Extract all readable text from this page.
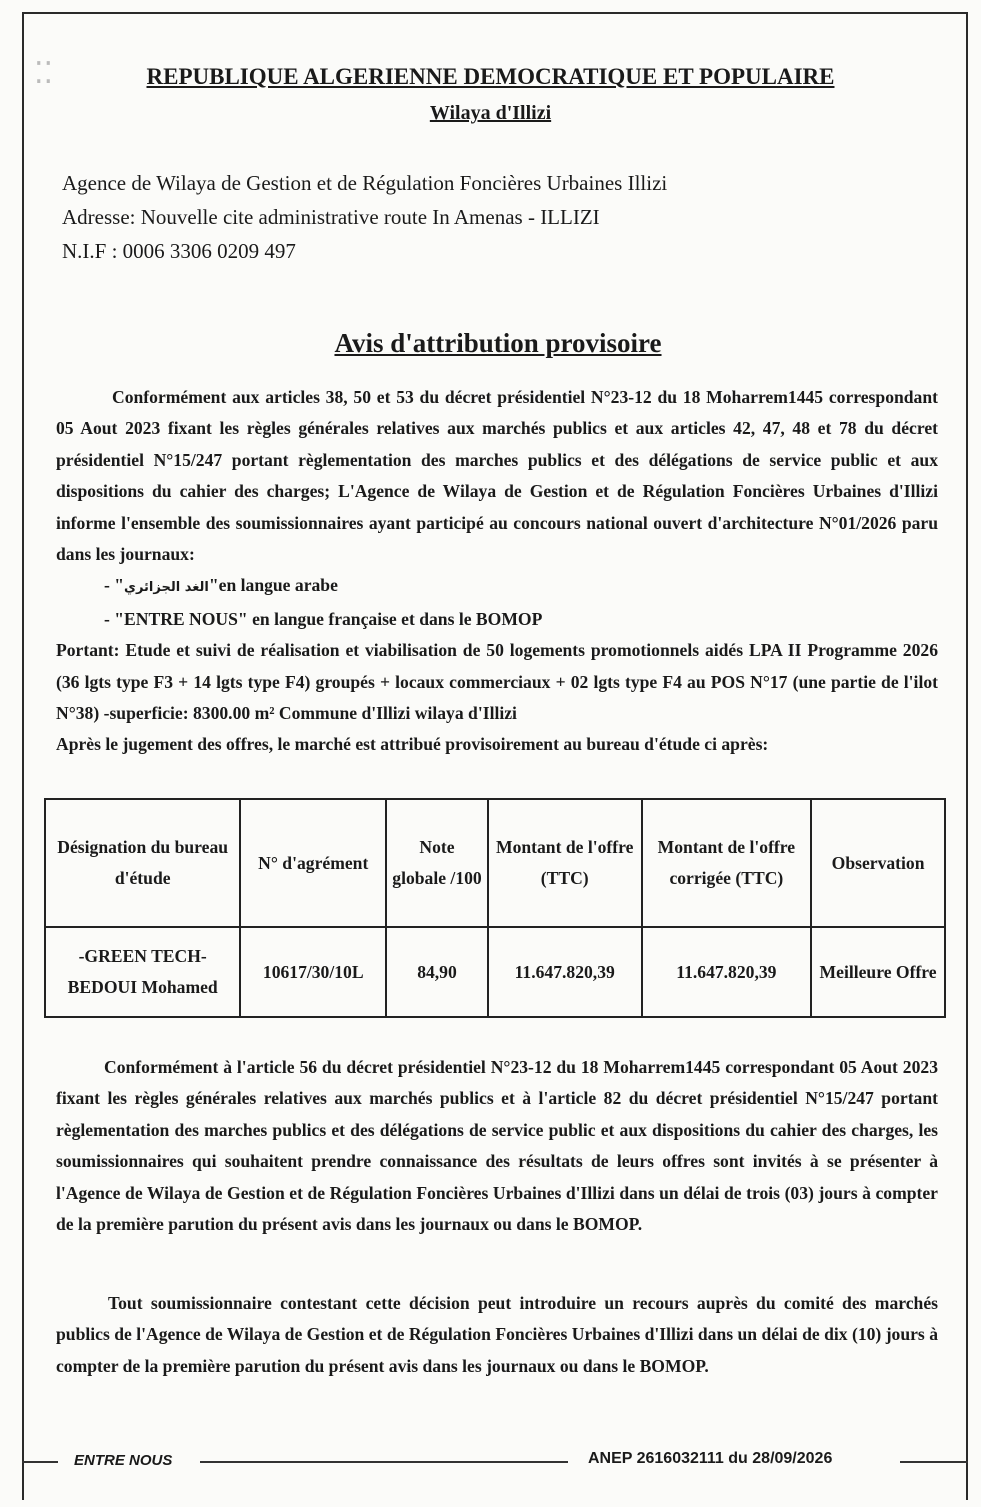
⁚⁚	REPUBLIQUE ALGERIENNE DEMOCRATIQUE ET POPULAIRE
Wilaya d'Illizi
Agence de Wilaya de Gestion et de Régulation Foncières Urbaines Illizi
Adresse: Nouvelle cite administrative route In Amenas - ILLIZI
N.I.F : 0006 3306 0209 497
Avis d'attribution provisoire
Conformément aux articles 38, 50 et 53 du décret présidentiel N°23-12 du 18 Moharrem1445 correspondant 05 Aout 2023 fixant les règles générales relatives aux marchés publics et aux articles 42, 47, 48 et 78 du décret présidentiel N°15/247 portant règlementation des marches publics et des délégations de service public et aux dispositions du cahier des charges; L'Agence de Wilaya de Gestion et de Régulation Foncières Urbaines d'Illizi informe l'ensemble des soumissionnaires ayant participé au concours national ouvert d'architecture N°01/2026 paru dans les journaux:
- "الغد الجزائري"en langue arabe
- "ENTRE NOUS" en langue française et dans le BOMOP
Portant: Etude et suivi de réalisation et viabilisation de 50 logements promotionnels aidés LPA II Programme 2026 (36 lgts type F3 + 14 lgts type F4) groupés + locaux commerciaux + 02 lgts type F4 au POS N°17 (une partie de l'ilot N°38) -superficie: 8300.00 m² Commune d'Illizi wilaya d'Illizi
Après le jugement des offres, le marché est attribué provisoirement au bureau d'étude ci après:
Désignation du bureau d'étude	N° d'agrément	Note globale /100	Montant de l'offre (TTC)	Montant de l'offre corrigée (TTC)	Observation
-GREEN TECH- BEDOUI Mohamed	10617/30/10L	84,90	11.647.820,39	11.647.820,39	Meilleure Offre
Conformément à l'article 56 du décret présidentiel N°23-12 du 18 Moharrem1445 correspondant 05 Aout 2023 fixant les règles générales relatives aux marchés publics et à l'article 82 du décret présidentiel N°15/247 portant règlementation des marches publics et des délégations de service public et aux dispositions du cahier des charges, les soumissionnaires qui souhaitent prendre connaissance des résultats de leurs offres sont invités à se présenter à l'Agence de Wilaya de Gestion et de Régulation Foncières Urbaines d'Illizi dans un délai de trois (03) jours à compter de la première parution du présent avis dans les journaux ou dans le BOMOP.
Tout soumissionnaire contestant cette décision peut introduire un recours auprès du comité des marchés publics de l'Agence de Wilaya de Gestion et de Régulation Foncières Urbaines d'Illizi dans un délai de dix (10) jours à compter de la première parution du présent avis dans les journaux ou dans le BOMOP.
ENTRE NOUS	ANEP 2616032111 du 28/09/2026
